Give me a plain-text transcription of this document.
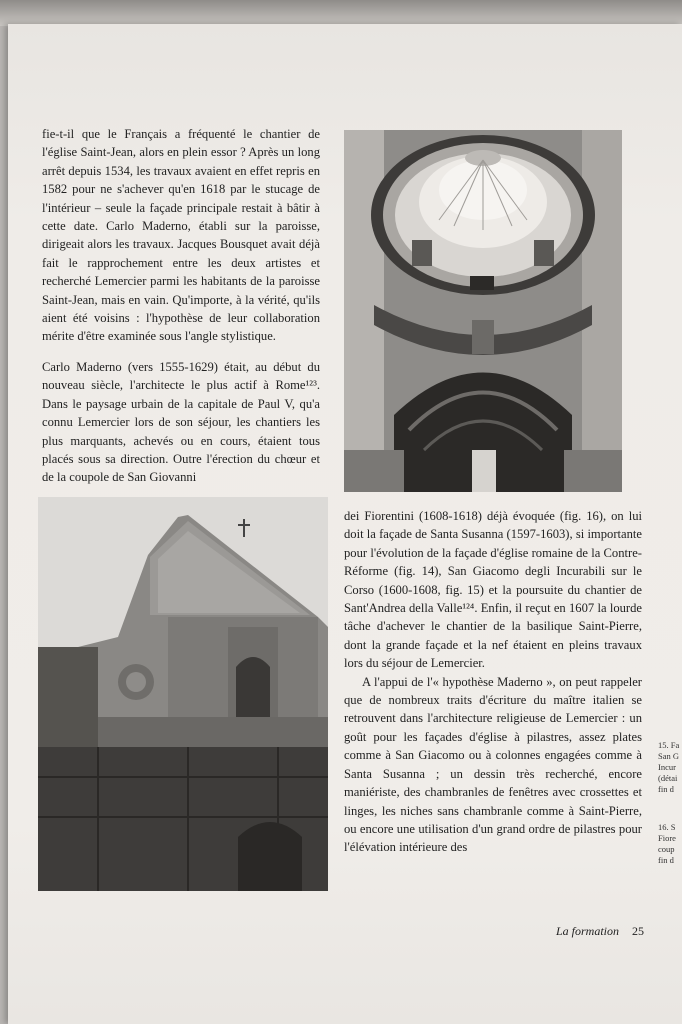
fie-t-il que le Français a fréquenté le chantier de l'église Saint-Jean, alors en plein essor ? Après un long arrêt depuis 1534, les travaux avaient en effet repris en 1582 pour ne s'achever qu'en 1618 par le stucage de l'intérieur – seule la façade principale restait à bâtir à cette date. Carlo Maderno, établi sur la paroisse, dirigeait alors les travaux. Jacques Bousquet avait déjà fait le rapprochement entre les deux artistes et recherché Lemercier parmi les habitants de la paroisse Saint-Jean, mais en vain. Qu'importe, à la vérité, qu'ils aient été voisins : l'hypothèse de leur collaboration mérite d'être examinée sous l'angle stylistique.

Carlo Maderno (vers 1555-1629) était, au début du nouveau siècle, l'architecte le plus actif à Rome¹²³. Dans le paysage urbain de la capitale de Paul V, qu'a connu Lemercier lors de son séjour, les chantiers les plus marquants, achevés ou en cours, étaient tous placés sous sa direction. Outre l'érection du chœur et de la coupole de San Giovanni

dei Fiorentini (1608-1618) déjà évoquée (fig. 16), on lui doit la façade de Santa Susanna (1597-1603), si importante pour l'évolution de la façade d'église romaine de la Contre-Réforme (fig. 14), San Giacomo degli Incurabili sur le Corso (1600-1608, fig. 15) et la poursuite du chantier de Sant'Andrea della Valle¹²⁴. Enfin, il reçut en 1607 la lourde tâche d'achever le chantier de la basilique Saint-Pierre, dont la grande façade et la nef étaient en pleins travaux lors du séjour de Lemercier.

A l'appui de l'« hypothèse Maderno », on peut rappeler que de nombreux traits d'écriture du maître italien se retrouvent dans l'architecture religieuse de Lemercier : un goût pour les façades d'église à pilastres, assez plates comme à San Giacomo ou à colonnes engagées comme à Santa Susanna ; un dessin très recherché, encore maniériste, des chambranles de fenêtres avec crossettes et linges, les niches sans chambranle comme à Saint-Pierre, ou encore une utilisation d'un grand ordre de pilastres pour l'élévation intérieure des

15. Fa
San G
Incur
(détai
fin d
16. S
Fiore
coup
fin d
La formation 25
